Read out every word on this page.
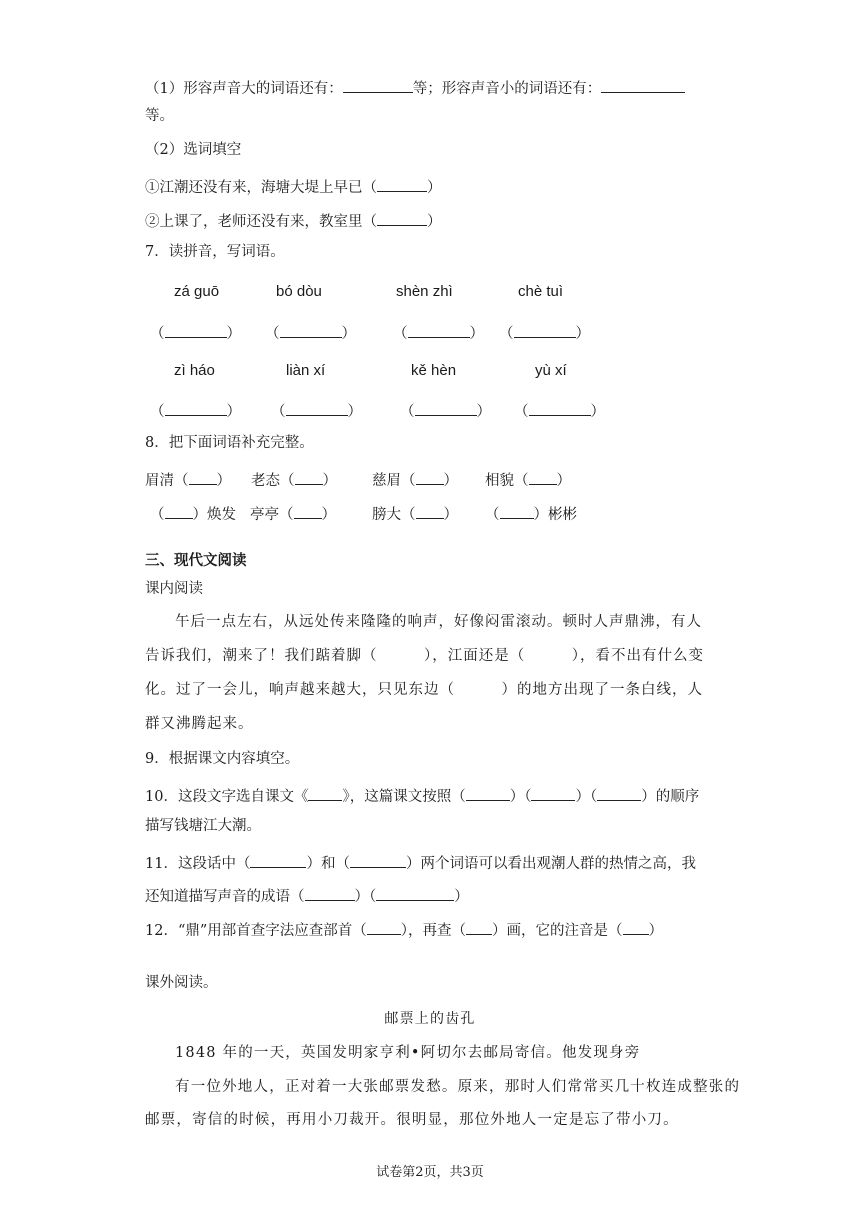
（1）形容声音大的词语还有：	等；形容声音小的词语还有：
等。
（2）选词填空
①江潮还没有来，海塘大堤上早已（	）
②上课了，老师还没有来，教室里（	）
7．读拼音，写词语。
zá guō	bó dòu	shèn zhì	chè tuì
（	） （	）	（	） （	）
zì háo	liàn xí	kě hèn	yù xí
（	） （	）	（	） （	）
8．把下面词语补充完整。
眉清（ ） 老态（ ） 慈眉（ ） 相貌（ ）
（ ）焕发 亭亭（ ） 膀大（ ） （ ）彬彬
三、现代文阅读
课内阅读
午后一点左右，从远处传来隆隆的响声，好像闷雷滚动。顿时人声鼎沸，有人告诉我们，潮来了！我们踮着脚（　　　），江面还是（　　　），看不出有什么变化。过了一会儿，响声越来越大，只见东边（　　　）的地方出现了一条白线，人群又沸腾起来。
9．根据课文内容填空。
10．这段文字选自课文《 》，这篇课文按照（	）（	）（	）的顺序
描写钱塘江大潮。
11．这段话中（	）和（	）两个词语可以看出观潮人群的热情之高，我
还知道描写声音的成语（	）（	）
12．“鼎”用部首查字法应查部首（ ），再查（ ）画，它的注音是（ ）
课外阅读。
邮票上的齿孔
1848 年的一天，英国发明家亨利•阿切尔去邮局寄信。他发现身旁
有一位外地人，正对着一大张邮票发愁。原来，那时人们常常买几十枚连成整张的
邮票，寄信的时候，再用小刀裁开。很明显，那位外地人一定是忘了带小刀。
试卷第2页，共3页
